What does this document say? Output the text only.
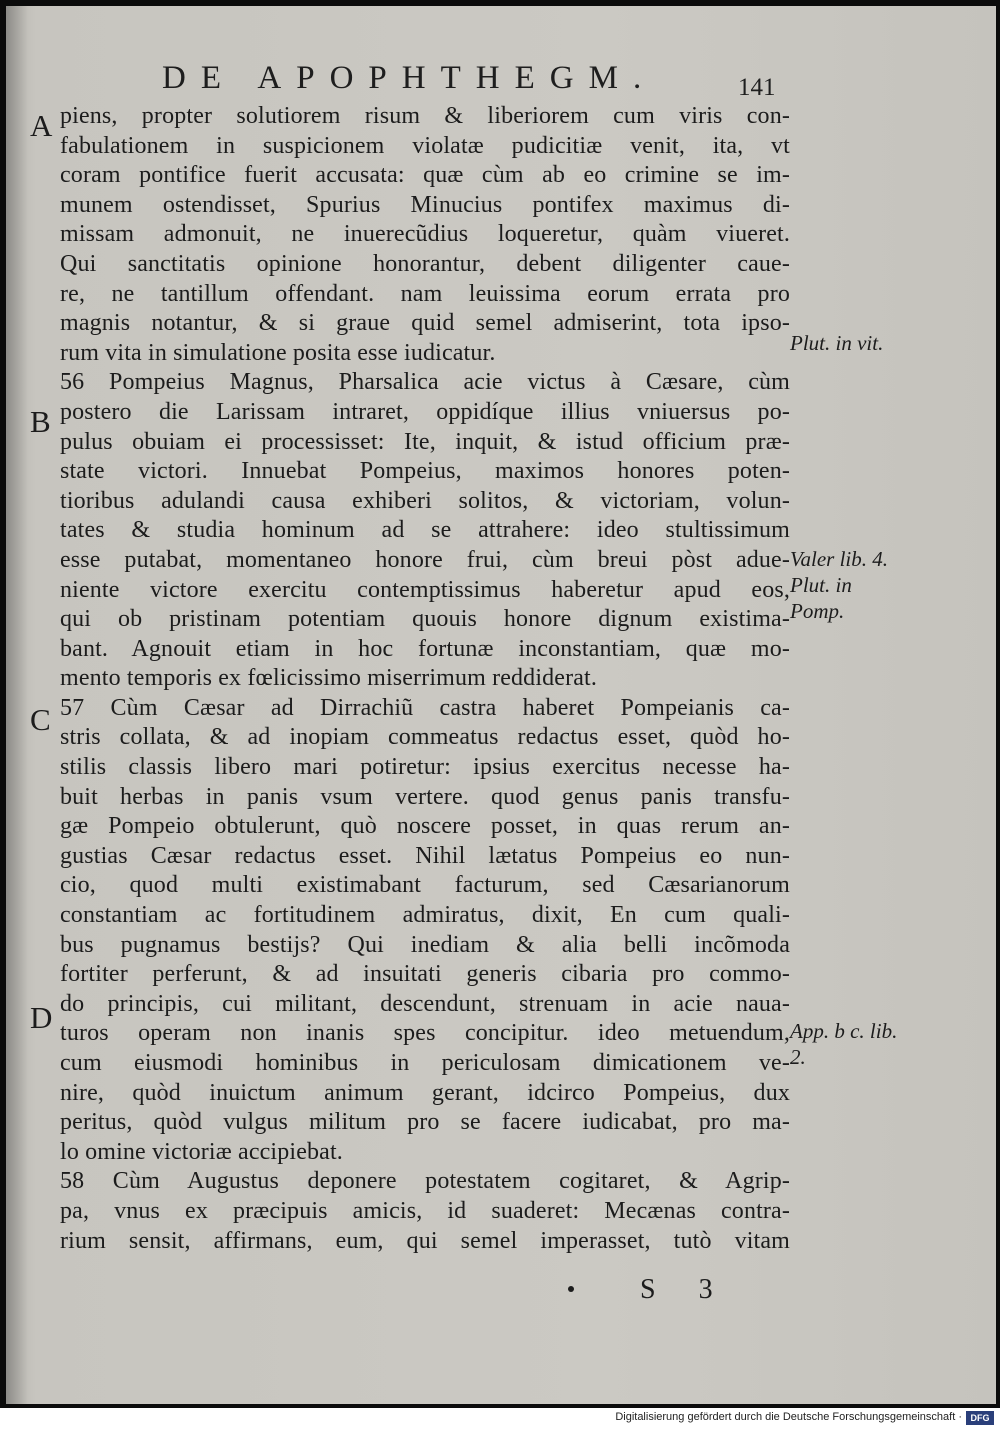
DE APOPHTHEGM.	141
A
B
C
D
piens, propter solutiorem risum & liberiorem cum viris con-
fabulationem in suspicionem violatæ pudicitiæ venit, ita, vt
coram pontifice fuerit accusata: quæ cùm ab eo crimine se im-
munem ostendisset, Spurius Minucius pontifex maximus di-
missam admonuit, ne inuerecũdius loqueretur, quàm viueret.
Qui sanctitatis opinione honorantur, debent diligenter caue-
re, ne tantillum offendant. nam leuissima eorum errata pro
magnis notantur, & si graue quid semel admiserint, tota ipso-
rum vita in simulatione posita esse iudicatur.
56 Pompeius Magnus, Pharsalica acie victus à Cæsare, cùm
postero die Larissam intraret, oppidíque illius vniuersus po-
pulus obuiam ei processisset: Ite, inquit, & istud officium præ-
state victori. Innuebat Pompeius, maximos honores poten-
tioribus adulandi causa exhiberi solitos, & victoriam, volun-
tates & studia hominum ad se attrahere: ideo stultissimum
esse putabat, momentaneo honore frui, cùm breui pòst adue-
niente victore exercitu contemptissimus haberetur apud eos,
qui ob pristinam potentiam quouis honore dignum existima-
bant. Agnouit etiam in hoc fortunæ inconstantiam, quæ mo-
mento temporis ex fœlicissimo miserrimum reddiderat.
57 Cùm Cæsar ad Dirrachiũ castra haberet Pompeianis ca-
stris collata, & ad inopiam commeatus redactus esset, quòd ho-
stilis classis libero mari potiretur: ipsius exercitus necesse ha-
buit herbas in panis vsum vertere. quod genus panis transfu-
gæ Pompeio obtulerunt, quò noscere posset, in quas rerum an-
gustias Cæsar redactus esset. Nihil lætatus Pompeius eo nun-
cio, quod multi existimabant facturum, sed Cæsarianorum
constantiam ac fortitudinem admiratus, dixit, En cum quali-
bus pugnamus bestijs? Qui inediam & alia belli incõmoda
fortiter perferunt, & ad insuitati generis cibaria pro commo-
do principis, cui militant, descendunt, strenuam in acie naua-
turos operam non inanis spes concipitur. ideo metuendum,
cum eiusmodi hominibus in periculosam dimicationem ve-
nire, quòd inuictum animum gerant, idcirco Pompeius, dux
peritus, quòd vulgus militum pro se facere iudicabat, pro ma-
lo omine victoriæ accipiebat.
58 Cùm Augustus deponere potestatem cogitaret, & Agrip-
pa, vnus ex præcipuis amicis, id suaderet: Mecænas contra-
rium sensit, affirmans, eum, qui semel imperasset, tutò vitam
Plut. in vit.
Valer lib. 4. Plut. in Pomp.
App. b c. lib. 2.
S 3
Digitalisierung gefördert durch die Deutsche Forschungsgemeinschaft · DFG
